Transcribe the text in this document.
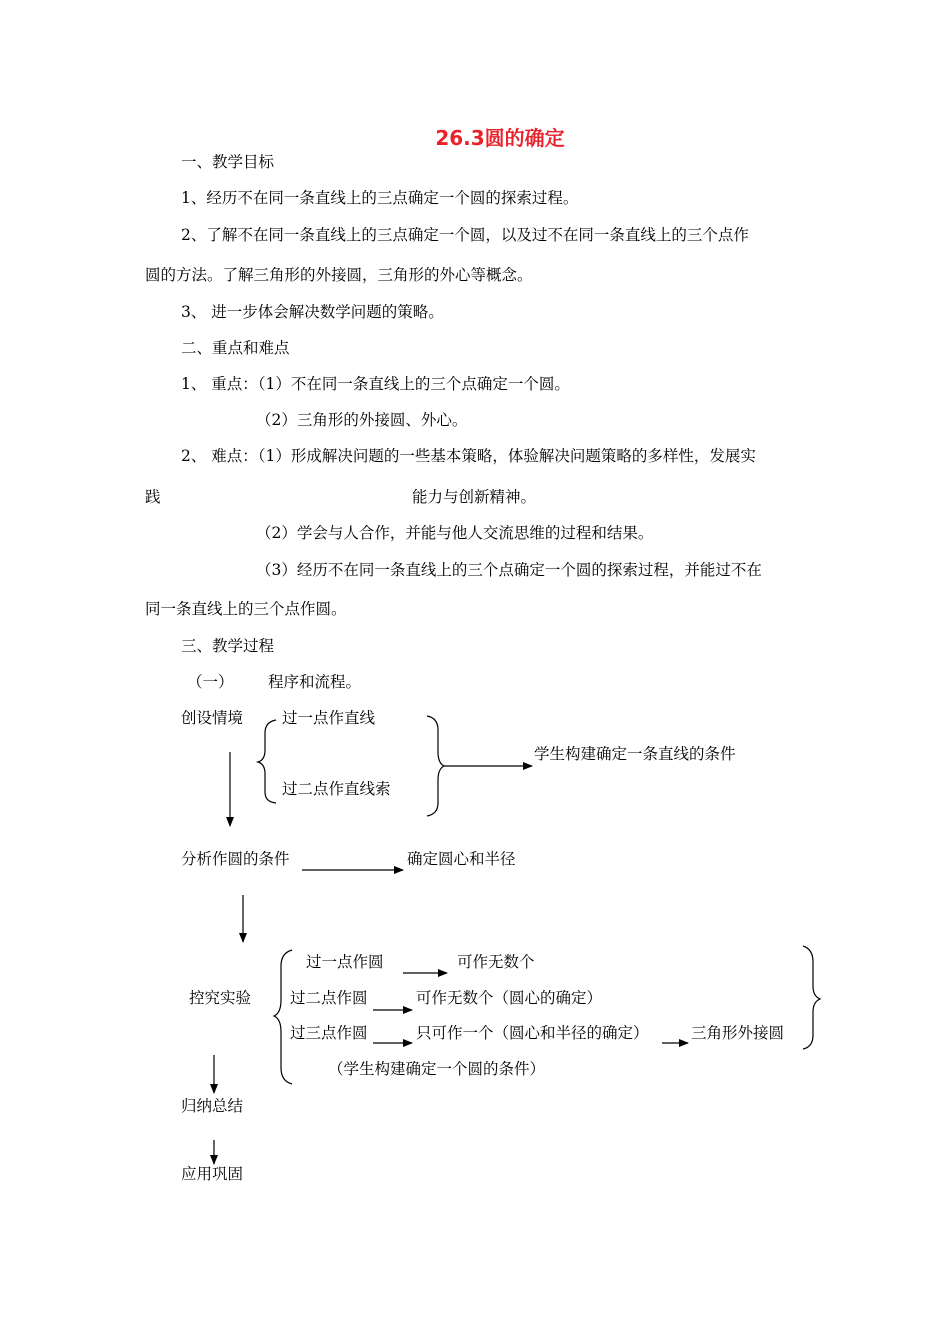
26.3圆的确定

一、教学目标

1、经历不在同一条直线上的三点确定一个圆的探索过程。

2、了解不在同一条直线上的三点确定一个圆，以及过不在同一条直线上的三个点作

圆的方法。了解三角形的外接圆，三角形的外心等概念。

3、 进一步体会解决数学问题的策略。

二、重点和难点

1、 重点：（1）不在同一条直线上的三个点确定一个圆。

（2）三角形的外接圆、外心。

2、 难点：（1）形成解决问题的一些基本策略，体验解决问题策略的多样性，发展实

践	能力与创新精神。

（2）学会与人合作，并能与他人交流思维的过程和结果。

（3）经历不在同一条直线上的三个点确定一个圆的探索过程，并能过不在

同一条直线上的三个点作圆。

三、教学过程

（一） 程序和流程。

创设情境	过一点作直线

过二点作直线索

学生构建确定一条直线的条件

分析作圆的条件	确定圆心和半径

过一点作圆	可作无数个

控究实验	过二点作圆	可作无数个（圆心的确定）

过三点作圆	只可作一个（圆心和半径的确定）	三角形外接圆

（学生构建确定一个圆的条件）

归纳总结

应用巩固
